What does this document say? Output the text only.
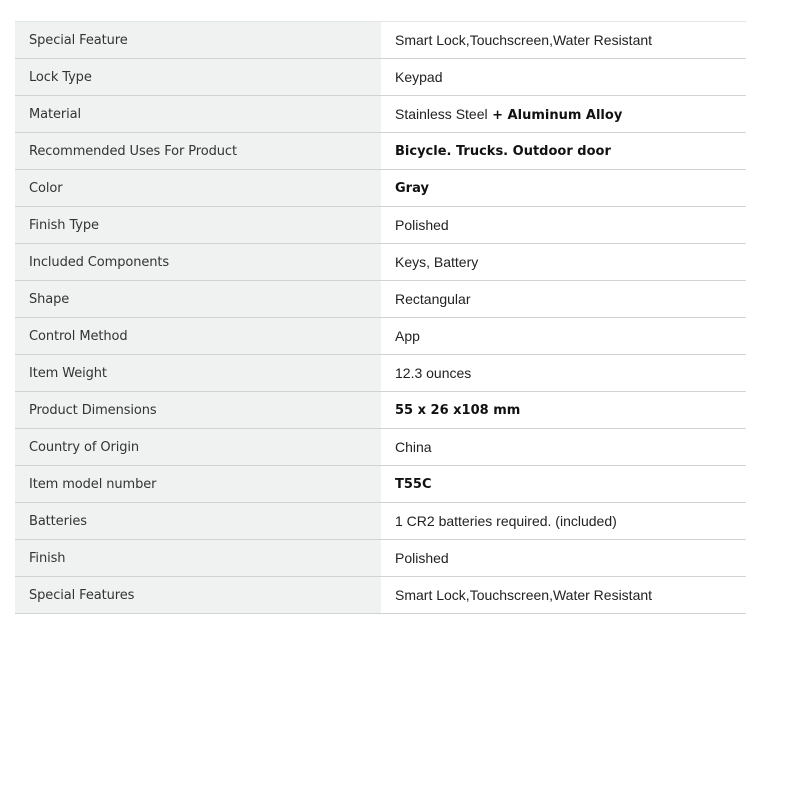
Special Feature	Smart Lock,Touchscreen,Water Resistant
Lock Type	Keypad
Material	Stainless Steel + Aluminum Alloy
Recommended Uses For Product	Bicycle. Trucks. Outdoor door
Color	Gray
Finish Type	Polished
Included Components	Keys, Battery
Shape	Rectangular
Control Method	App
Item Weight	12.3 ounces
Product Dimensions	55 x 26 x108 mm
Country of Origin	China
Item model number	T55C
Batteries	1 CR2 batteries required. (included)
Finish	Polished
Special Features	Smart Lock,Touchscreen,Water Resistant
